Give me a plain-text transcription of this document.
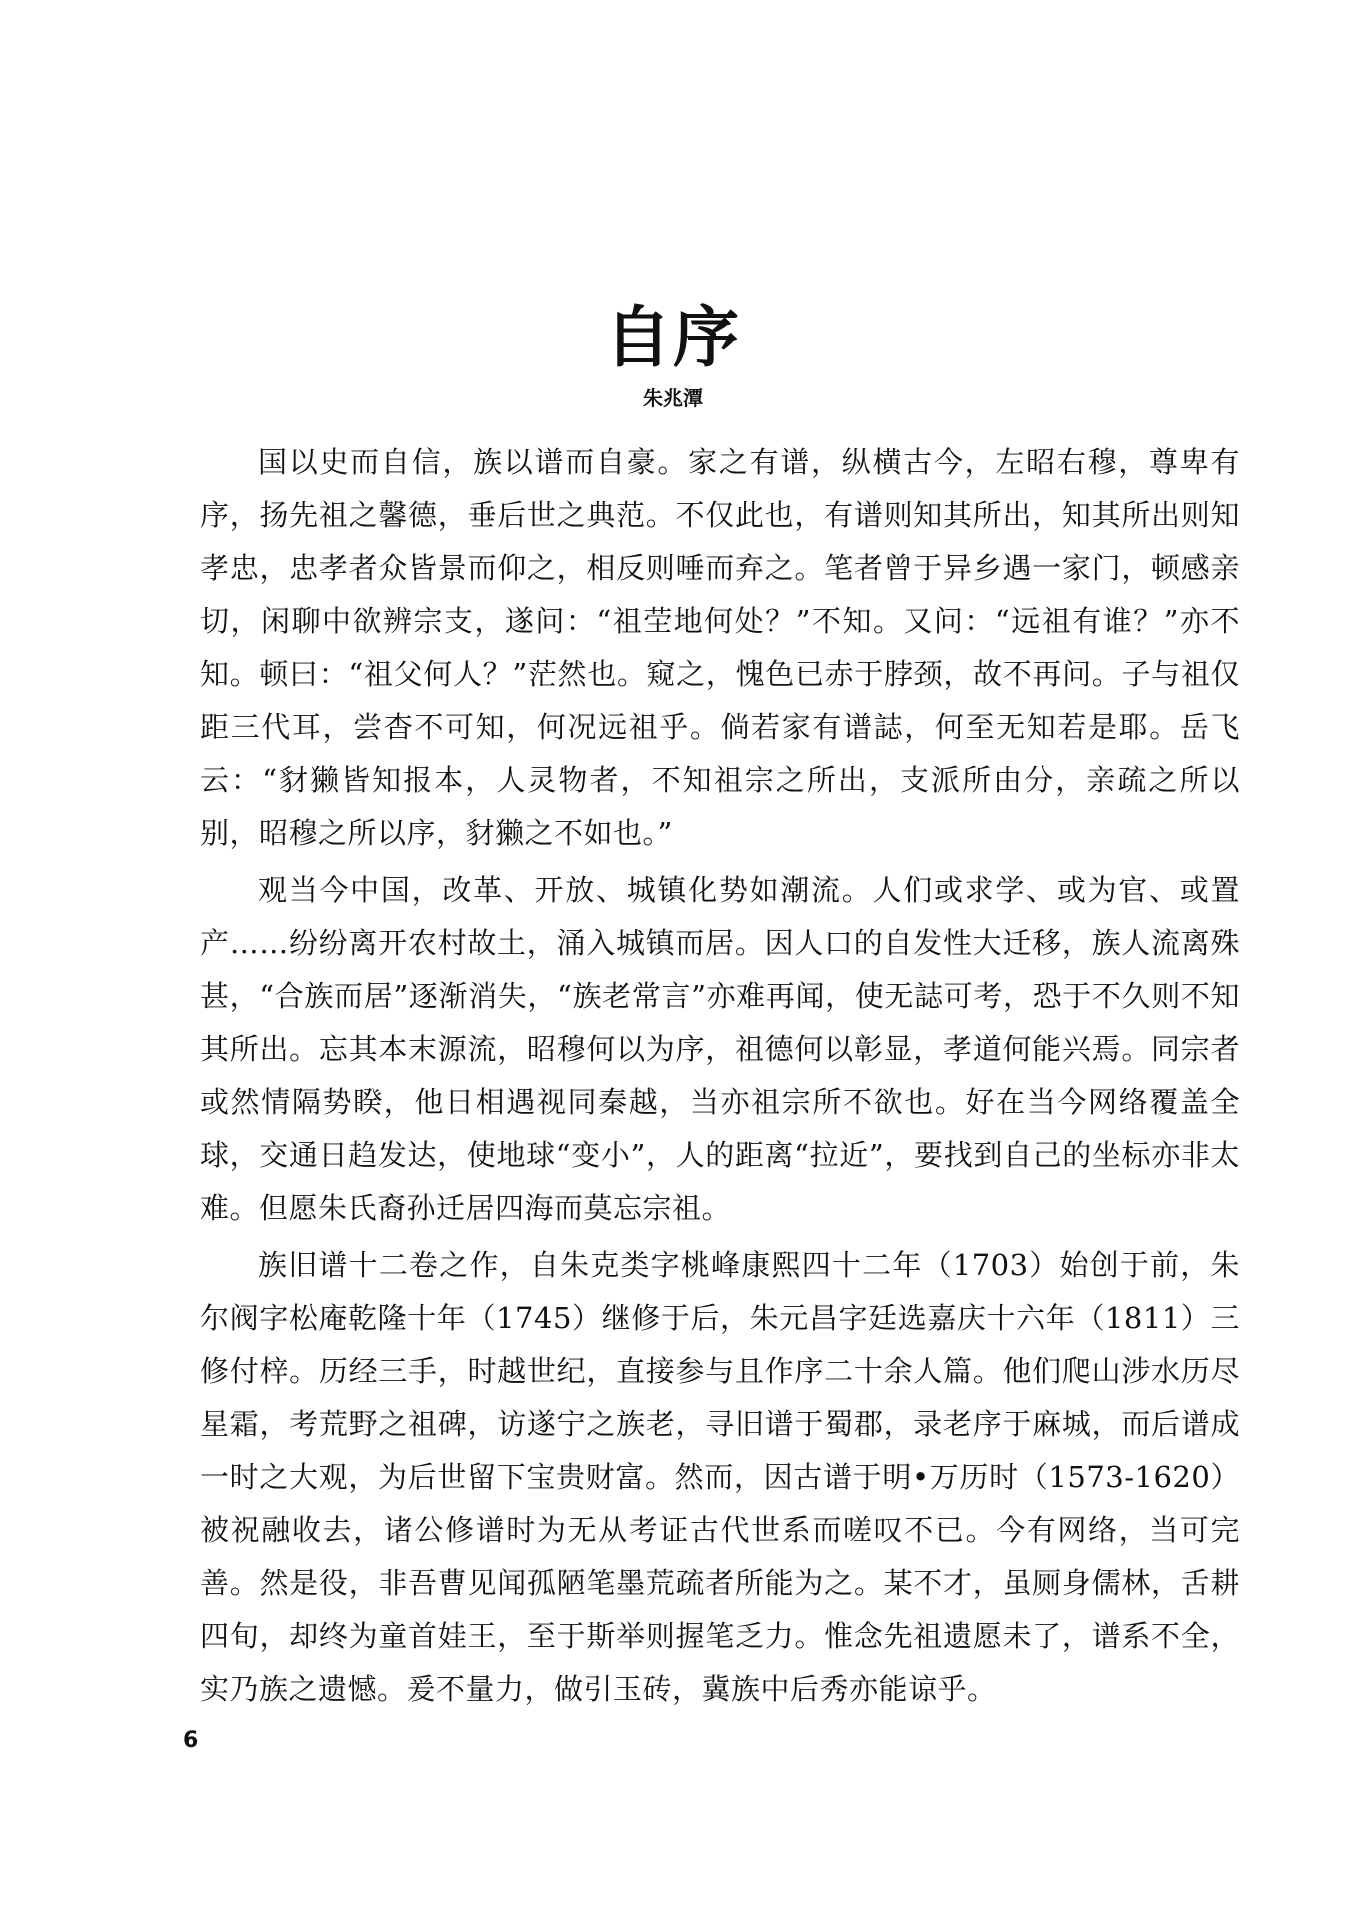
自序

朱兆潭

国以史而自信，族以谱而自豪。家之有谱，纵横古今，左昭右穆，尊卑有序，扬先祖之馨德，垂后世之典范。不仅此也，有谱则知其所出，知其所出则知孝忠，忠孝者众皆景而仰之，相反则唾而弃之。笔者曾于异乡遇一家门，顿感亲切，闲聊中欲辨宗支，遂问：“祖茔地何处？”不知。又问：“远祖有谁？”亦不知。顿曰：“祖父何人？”茫然也。窥之，愧色已赤于脖颈，故不再问。子与祖仅距三代耳，尝杳不可知，何况远祖乎。倘若家有谱誌，何至无知若是耶。岳飞云：“豺獭皆知报本，人灵物者，不知祖宗之所出，支派所由分，亲疏之所以别，昭穆之所以序，豺獭之不如也。”

观当今中国，改革、开放、城镇化势如潮流。人们或求学、或为官、或置产……纷纷离开农村故土，涌入城镇而居。因人口的自发性大迁移，族人流离殊甚，“合族而居”逐渐消失，“族老常言”亦难再闻，使无誌可考，恐于不久则不知其所出。忘其本末源流，昭穆何以为序，祖德何以彰显，孝道何能兴焉。同宗者或然情隔势睽，他日相遇视同秦越，当亦祖宗所不欲也。好在当今网络覆盖全球，交通日趋发达，使地球“变小”，人的距离“拉近”，要找到自己的坐标亦非太难。但愿朱氏裔孙迁居四海而莫忘宗祖。

族旧谱十二卷之作，自朱克类字桃峰康熙四十二年（1703）始创于前，朱尔阀字松庵乾隆十年（1745）继修于后，朱元昌字廷选嘉庆十六年（1811）三修付梓。历经三手，时越世纪，直接参与且作序二十余人篇。他们爬山涉水历尽星霜，考荒野之祖碑，访遂宁之族老，寻旧谱于蜀郡，录老序于麻城，而后谱成一时之大观，为后世留下宝贵财富。然而，因古谱于明•万历时（1573-1620）被祝融收去，诸公修谱时为无从考证古代世系而嗟叹不已。今有网络，当可完善。然是役，非吾曹见闻孤陋笔墨荒疏者所能为之。某不才，虽厕身儒林，舌耕四旬，却终为童首娃王，至于斯举则握笔乏力。惟念先祖遗愿未了，谱系不全，实乃族之遗憾。爰不量力，做引玉砖，冀族中后秀亦能谅乎。

6
